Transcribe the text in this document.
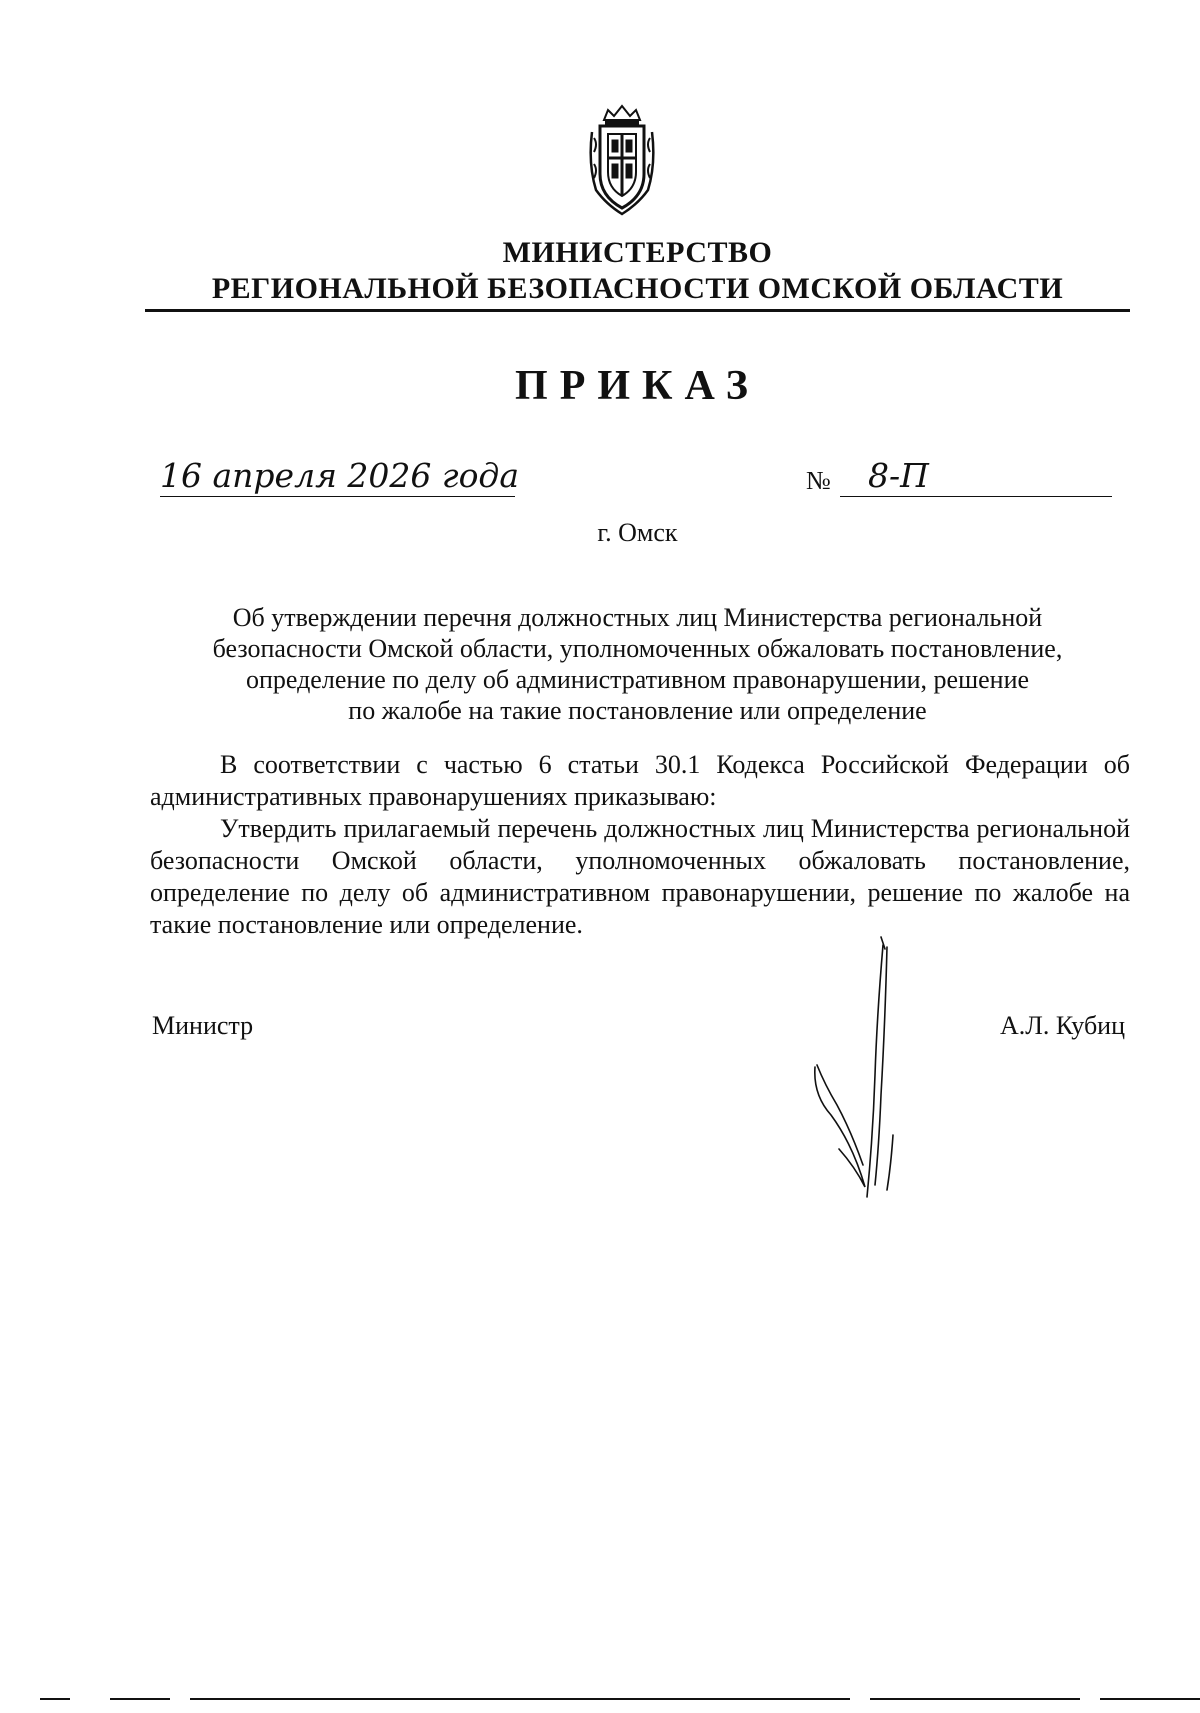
МИНИСТЕРСТВО
РЕГИОНАЛЬНОЙ БЕЗОПАСНОСТИ ОМСКОЙ ОБЛАСТИ
ПРИКАЗ
16 апреля 2026 года	№ 8-П
г. Омск
Об утверждении перечня должностных лиц Министерства региональной
безопасности Омской области, уполномоченных обжаловать постановление,
определение по делу об административном правонарушении, решение
по жалобе на такие постановление или определение
В соответствии с частью 6 статьи 30.1 Кодекса Российской Федерации об административных правонарушениях приказываю:
Утвердить прилагаемый перечень должностных лиц Министерства региональной безопасности Омской области, уполномоченных обжаловать постановление, определение по делу об административном правонарушении, решение по жалобе на такие постановление или определение.
Министр	А.Л. Кубиц
